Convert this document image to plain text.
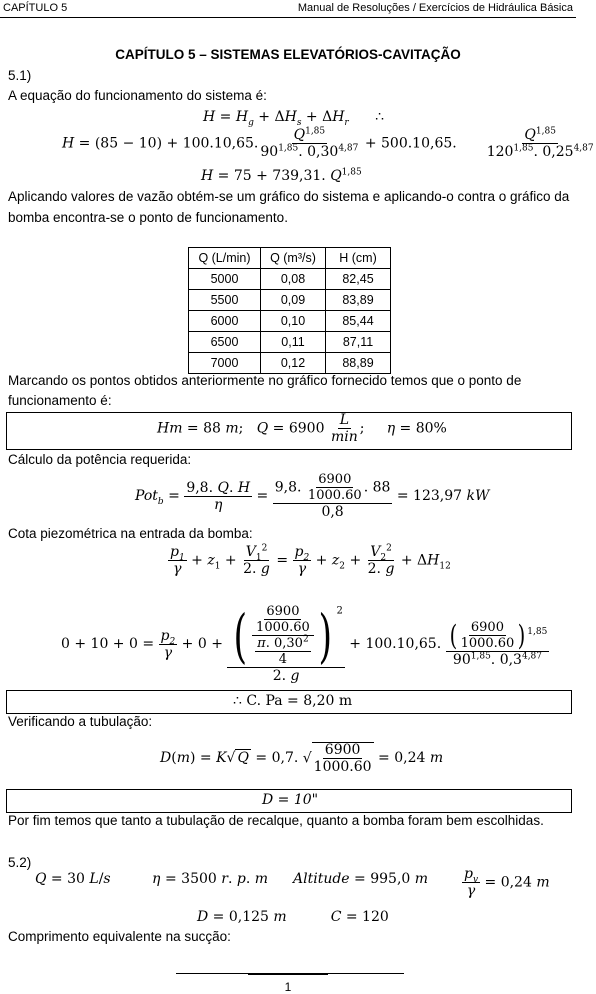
CAPÍTULO 5	Manual de Resoluções / Exercícios de Hidráulica Básica
CAPÍTULO 5 – SISTEMAS ELEVATÓRIOS-CAVITAÇÃO
5.1)
A equação do funcionamento do sistema é:
$H = H_g + \Delta H_s + \Delta H_r$ ∴
H = (85 − 10) + 100.10,65. $\frac{Q^{1,85}}{90^{1,85}. 0,30^{4,87}} + 500.10,65$. $\frac{Q^{1,85}}{120^{1,85}. 0,25^{4,87}}$
H = 75 + 739,31. Q$^{1,85}$
Aplicando valores de vazão obtém-se um gráfico do sistema e aplicando-o contra o gráfico da
bomba encontra-se o ponto de funcionamento.
Q (L/min)	Q (m³/s)	H (cm)
5000	0,08	82,45
5500	0,09	83,89
6000	0,10	85,44
6500	0,11	87,11
7000	0,12	88,89
Marcando os pontos obtidos anteriormente no gráfico fornecido temos que o ponto de
funcionamento é:
Hm = 88 m;   $Q = 6900 \frac{L}{\min}$ ;     η = 80%
Cálculo da potência requerida:
$Pot_b = \frac{9,8. Q. H}{\eta} = \frac{9,8. \frac{6900}{1000.60} . 88}{0,8} = 123,97$ kW
Cota piezométrica na entrada da bomba:
$\frac{p_1}{\gamma} + z_1 + \frac{V_1^2}{2. g} = \frac{p_2}{\gamma} + z_2 + \frac{V_2^2}{2. g} + \Delta H_{12}$
$0 + 10 + 0 = \frac{p_2}{\gamma} + 0 + \frac{( \frac{\frac{6900}{1000.60}}{\frac{\pi. 0,30^2}{4}} ) ^2}{2. g} + 100.10,65$. $\frac{( \frac{6900}{1000.60} ) ^{1,85}}{90^{1,85}. 0,3^{4,87}}$
∴ C. Pa = 8,20 m
Verificando a tubulação:
D(m) = K√ Q = 0,7. √ $\frac{6900}{1000.60} = 0,24$ m
D = 10"
Por fim temos que tanto a tubulação de recalque, quanto a bomba foram bem escolhidas.
5.2)
Q = 30 L/s	η = 3500 r. p. m Altitude = 995,0 m $\frac{p_v}{\gamma} = 0,24$ m
D = 0,125 m	C = 120
Comprimento equivalente na sucção:
1
